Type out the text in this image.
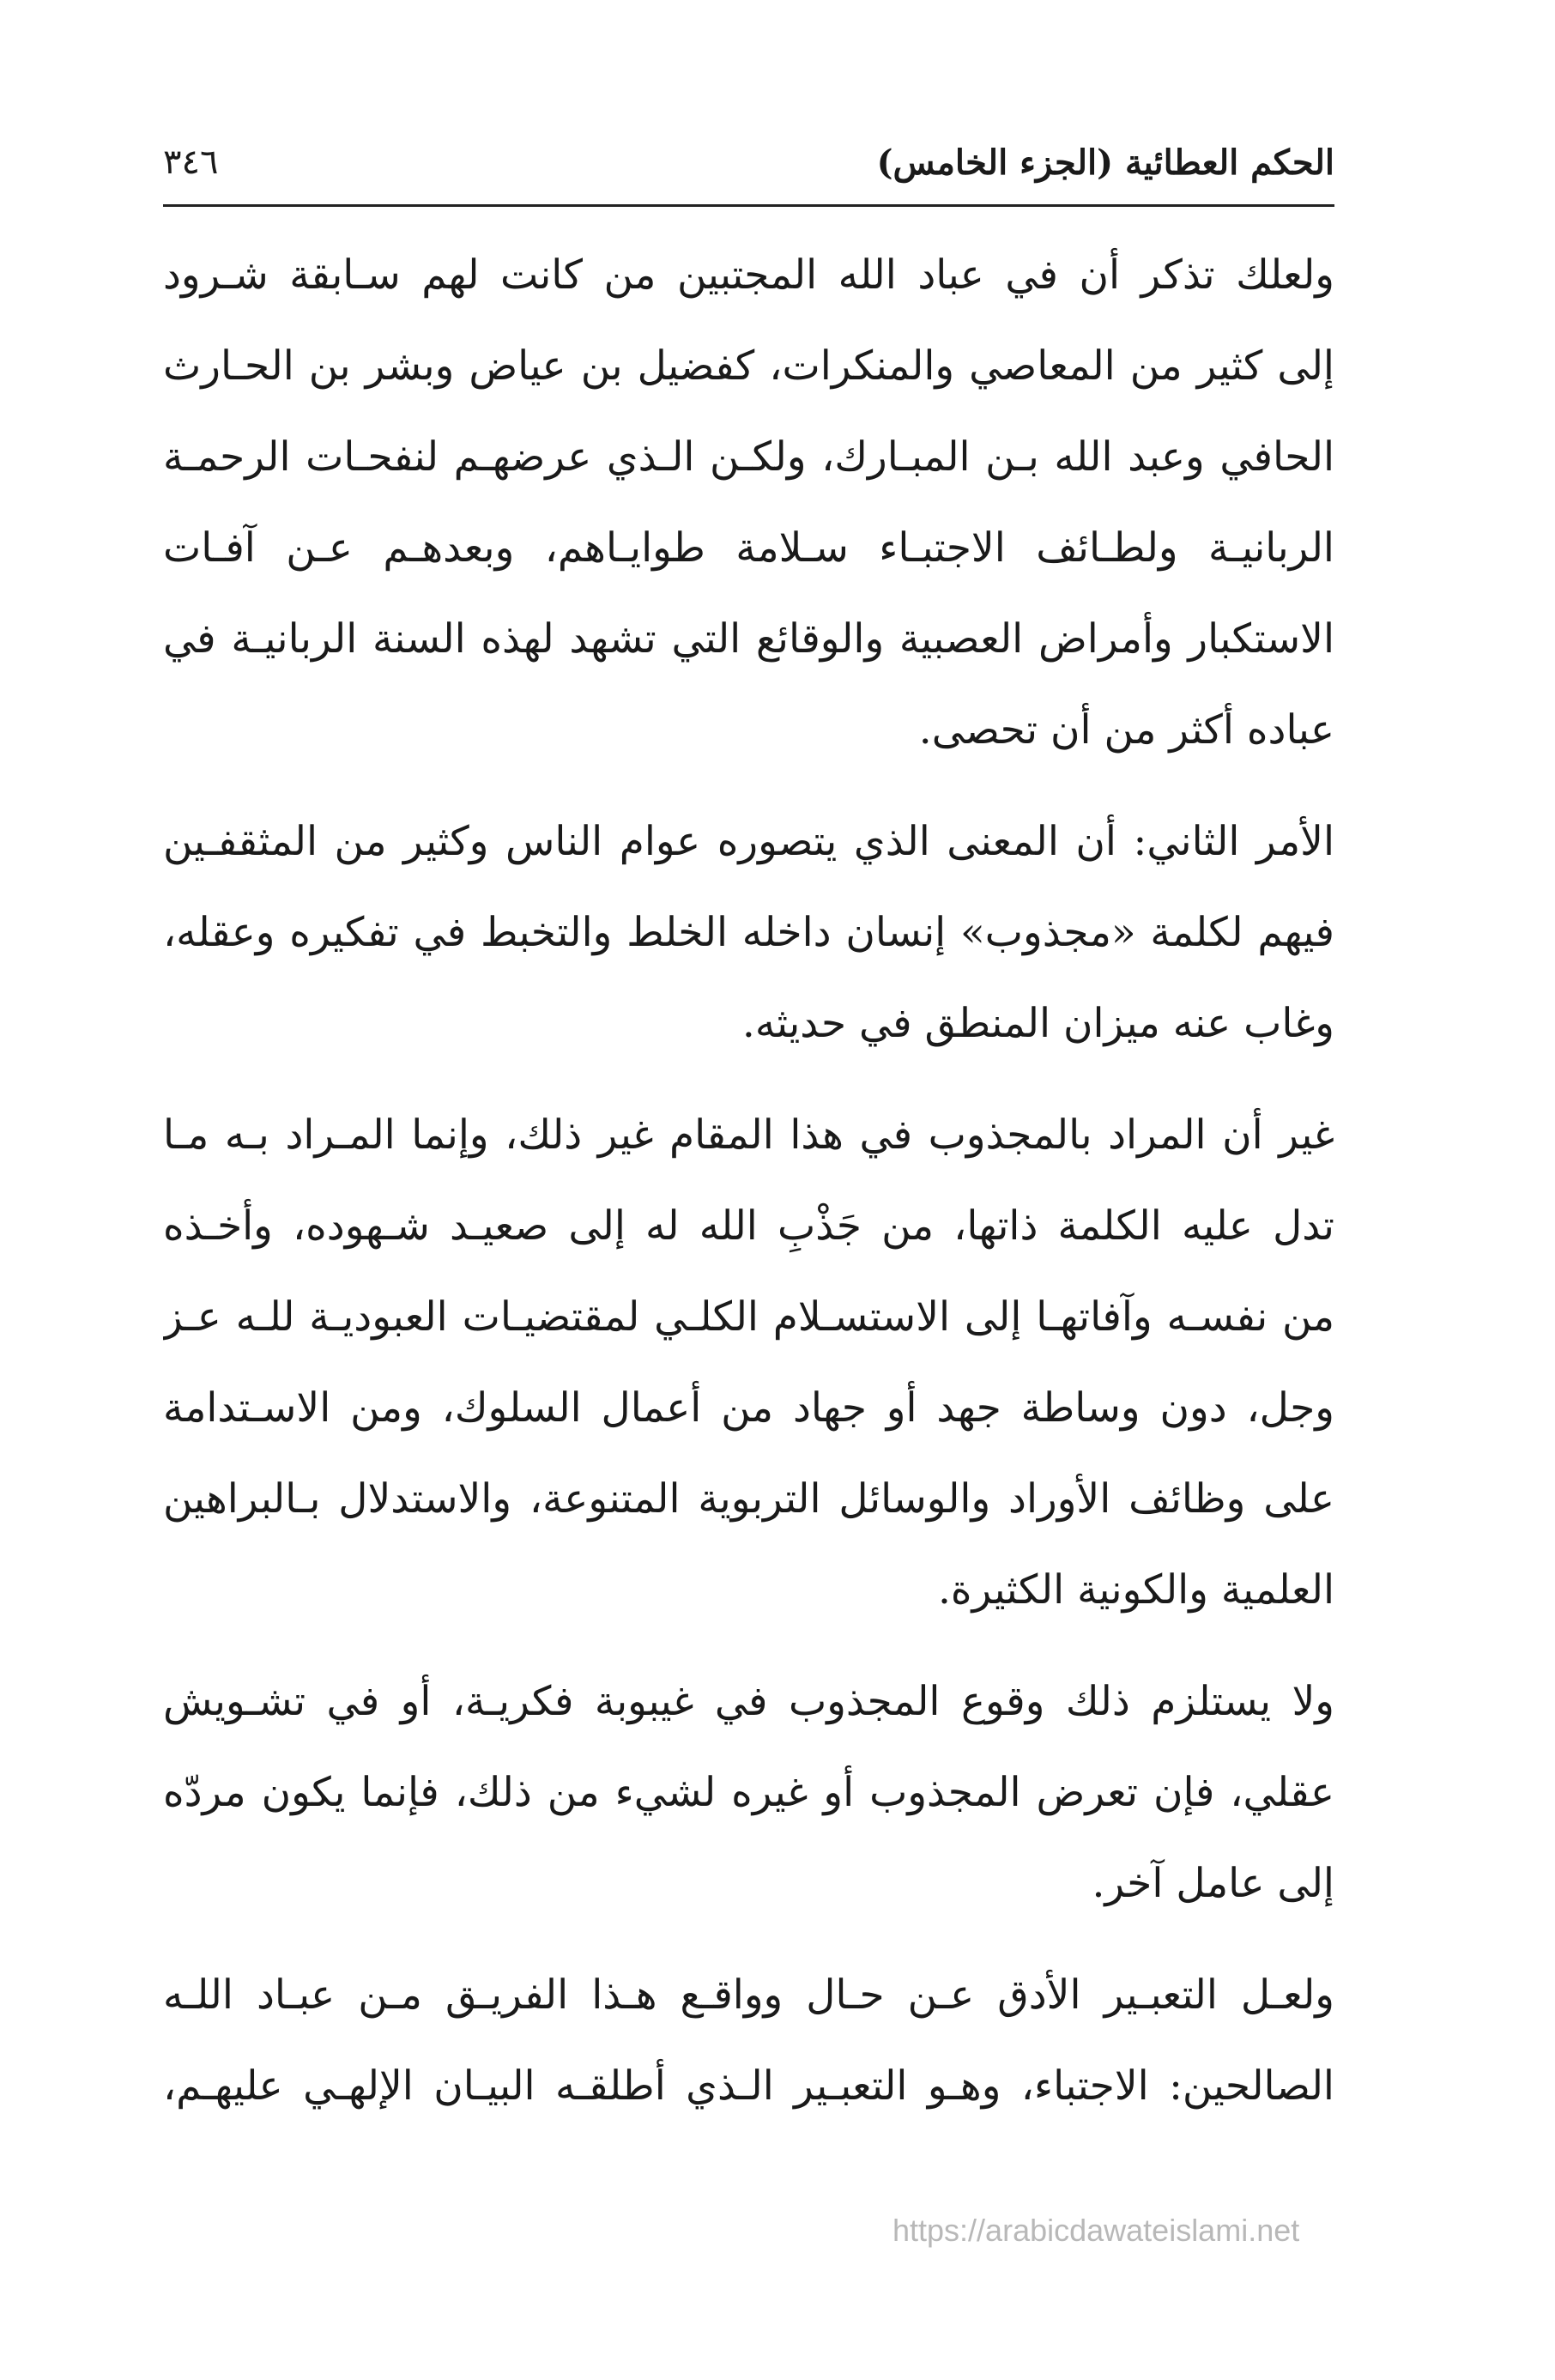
الحكم العطائية (الجزء الخامس)
٣٤٦
ولعلك تذكر أن في عباد الله المجتبين من كانت لهم سـابقة شـرود
إلى كثير من المعاصي والمنكرات، كفضيل بن عياض وبشر بن الحـارث
الحافي وعبد الله بـن المبـارك، ولكـن الـذي عرضهـم لنفحـات الرحمـة
الربانيـة ولطـائف الاجتبـاء سـلامة طوايـاهم، وبعدهـم عـن آفـات
الاستكبار وأمراض العصبية والوقائع التي تشهد لهذه السنة الربانيـة في
عباده أكثر من أن تحصى.
الأمر الثاني: أن المعنى الذي يتصوره عوام الناس وكثير من المثقفـين
فيهم لكلمة «مجذوب» إنسان داخله الخلط والتخبط في تفكيره وعقله،
وغاب عنه ميزان المنطق في حديثه.
غير أن المراد بالمجذوب في هذا المقام غير ذلك، وإنما المـراد بـه مـا
تدل عليه الكلمة ذاتها، من جَذْبِ الله له إلى صعيـد شـهوده، وأخـذه
من نفسـه وآفاتهـا إلى الاستسـلام الكلـي لمقتضيـات العبوديـة للـه عـز
وجل، دون وساطة جهد أو جهاد من أعمال السلوك، ومن الاسـتدامة
على وظائف الأوراد والوسائل التربوية المتنوعة، والاستدلال بـالبراهين
العلمية والكونية الكثيرة.
ولا يستلزم ذلك وقوع المجذوب في غيبوبة فكريـة، أو في تشـويش
عقلي، فإن تعرض المجذوب أو غيره لشيء من ذلك، فإنما يكون مردّه
إلى عامل آخر.
ولعـل التعبـير الأدق عـن حـال وواقـع هـذا الفريـق مـن عبـاد اللـه
الصالحين: الاجتباء، وهـو التعبـير الـذي أطلقـه البيـان الإلهـي عليهـم،
https://arabicdawateislami.net
